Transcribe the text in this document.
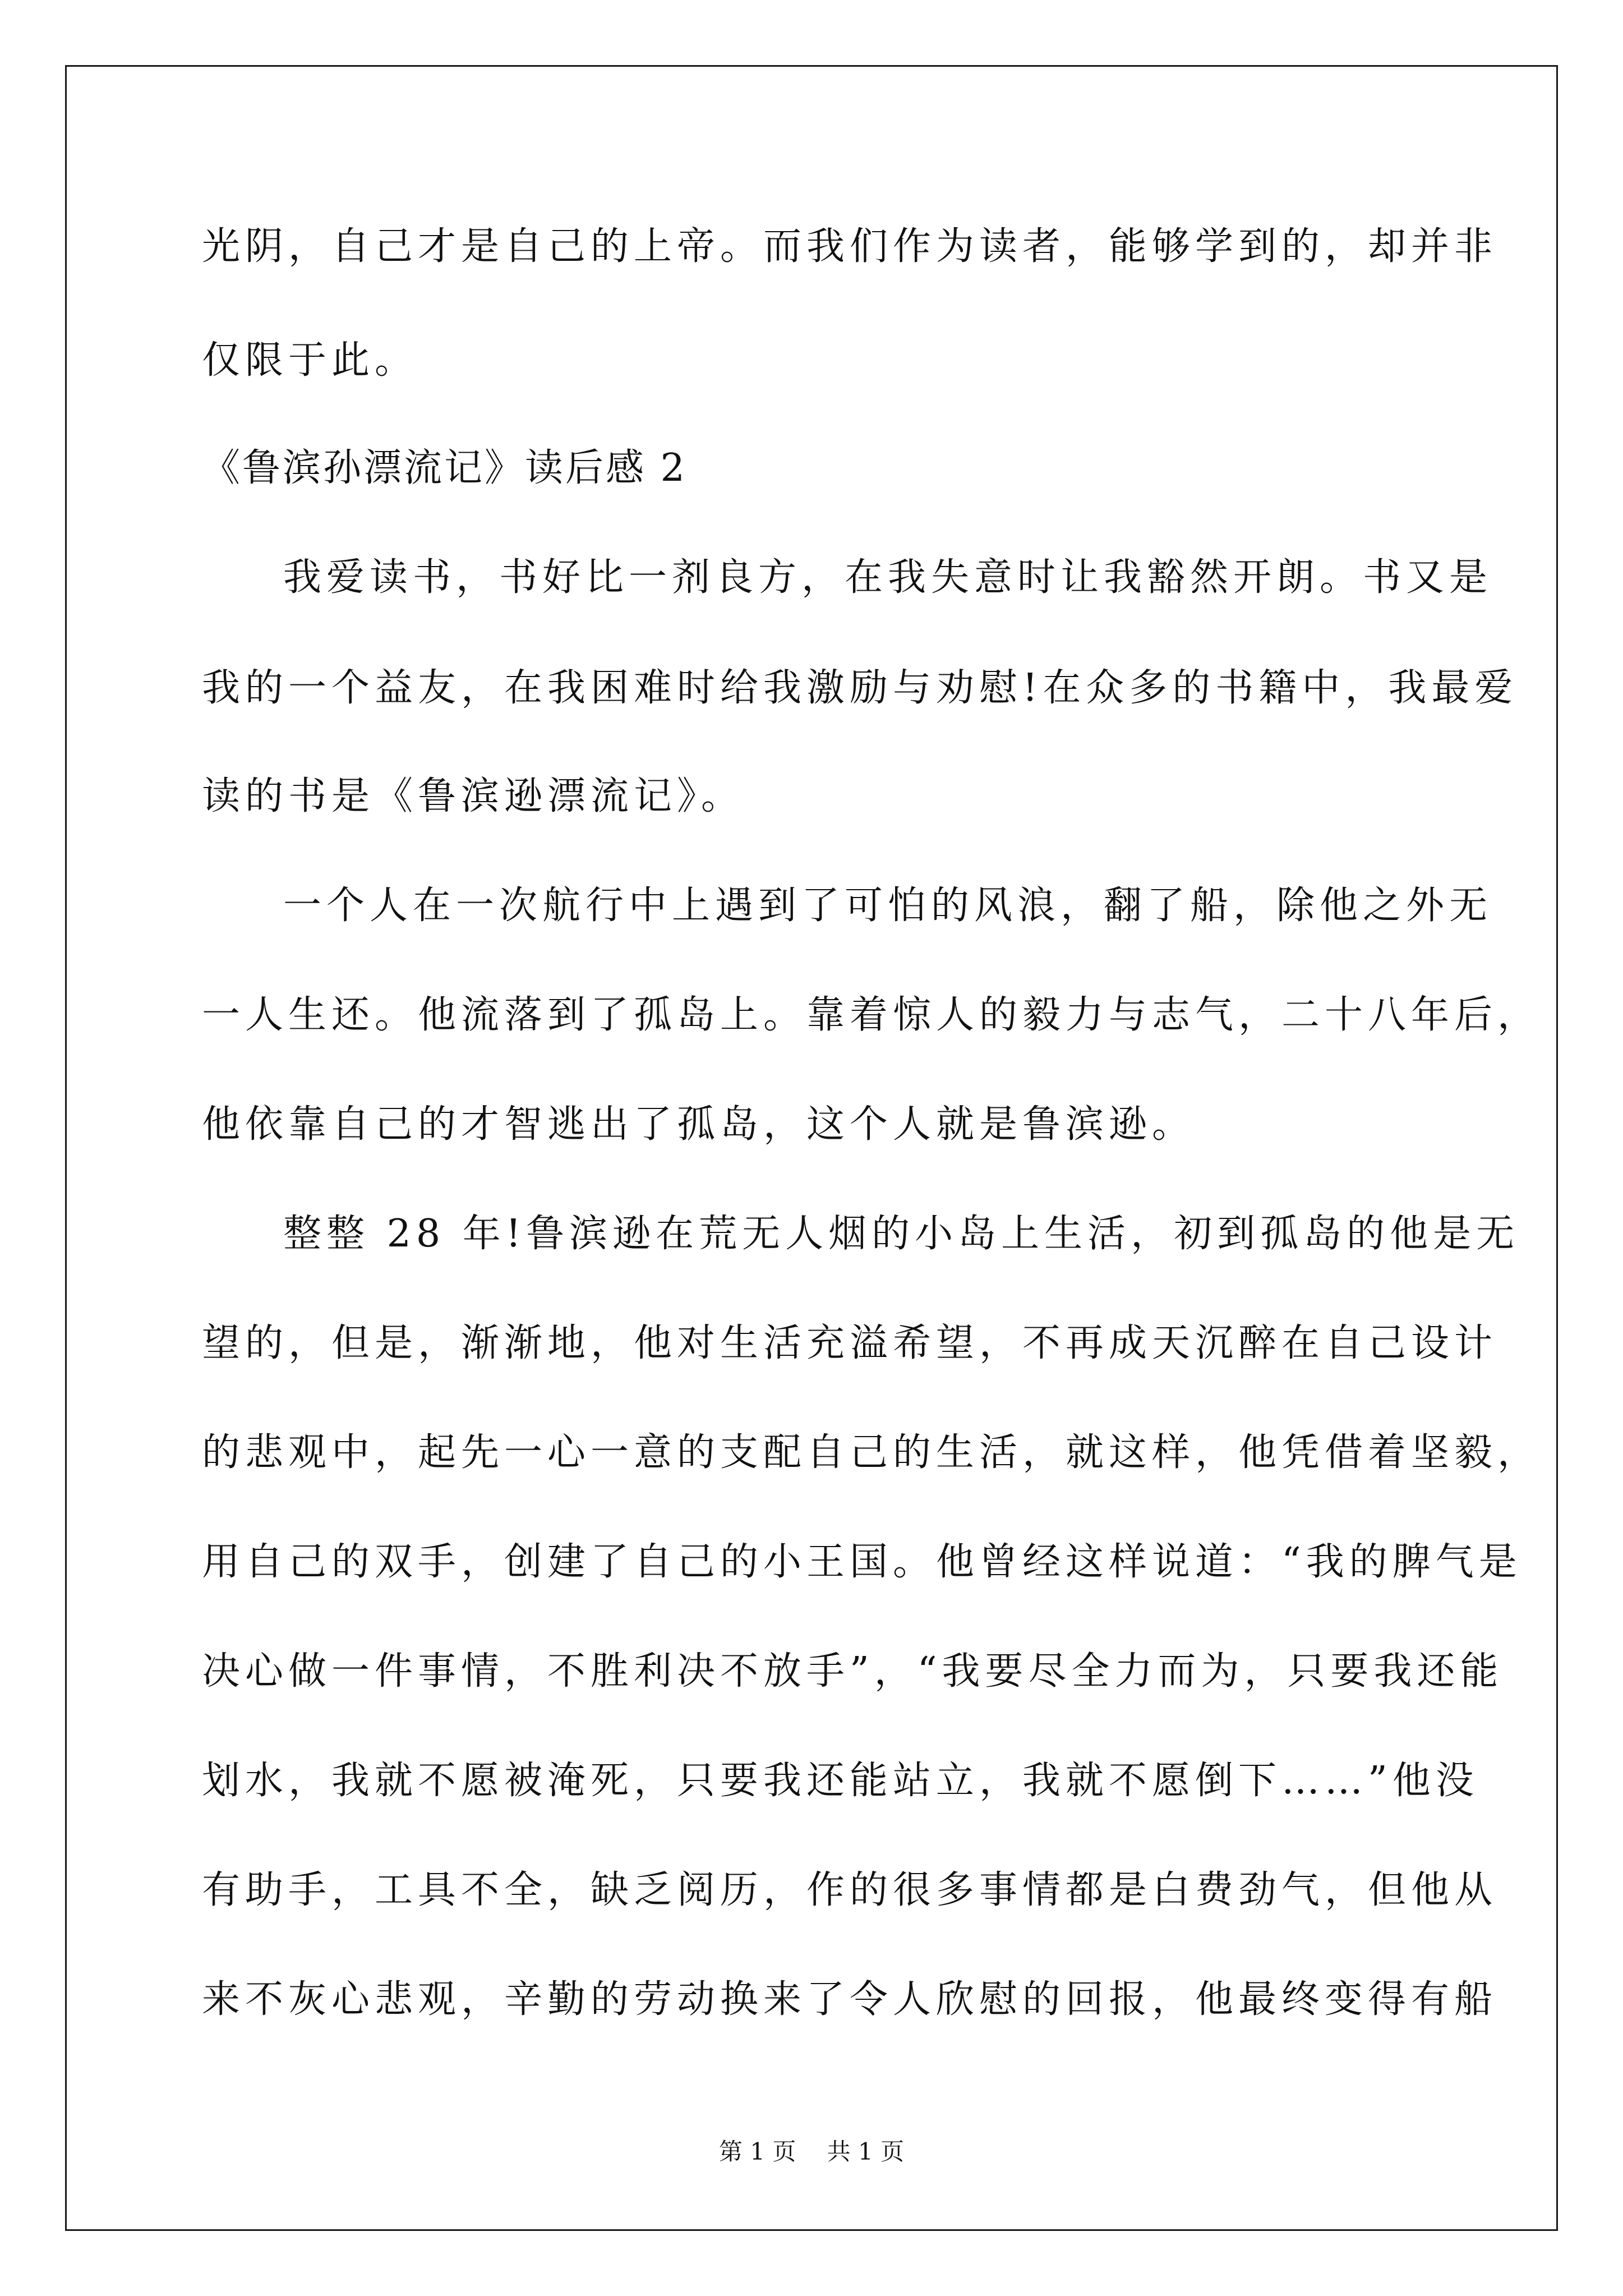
光阴，自己才是自己的上帝。而我们作为读者，能够学到的，却并非
仅限于此。
《鲁滨孙漂流记》读后感 2
我爱读书，书好比一剂良方，在我失意时让我豁然开朗。书又是
我的一个益友，在我困难时给我激励与劝慰!在众多的书籍中，我最爱
读的书是《鲁滨逊漂流记》。
一个人在一次航行中上遇到了可怕的风浪，翻了船，除他之外无
一人生还。他流落到了孤岛上。靠着惊人的毅力与志气，二十八年后，
他依靠自己的才智逃出了孤岛，这个人就是鲁滨逊。
整整 28 年!鲁滨逊在荒无人烟的小岛上生活，初到孤岛的他是无
望的，但是，渐渐地，他对生活充溢希望，不再成天沉醉在自己设计
的悲观中，起先一心一意的支配自己的生活，就这样，他凭借着坚毅，
用自己的双手，创建了自己的小王国。他曾经这样说道：“我的脾气是
决心做一件事情，不胜利决不放手”，“我要尽全力而为，只要我还能
划水，我就不愿被淹死，只要我还能站立，我就不愿倒下……”他没
有助手，工具不全，缺乏阅历，作的很多事情都是白费劲气，但他从
来不灰心悲观，辛勤的劳动换来了令人欣慰的回报，他最终变得有船
第 1 页　 共 1 页
